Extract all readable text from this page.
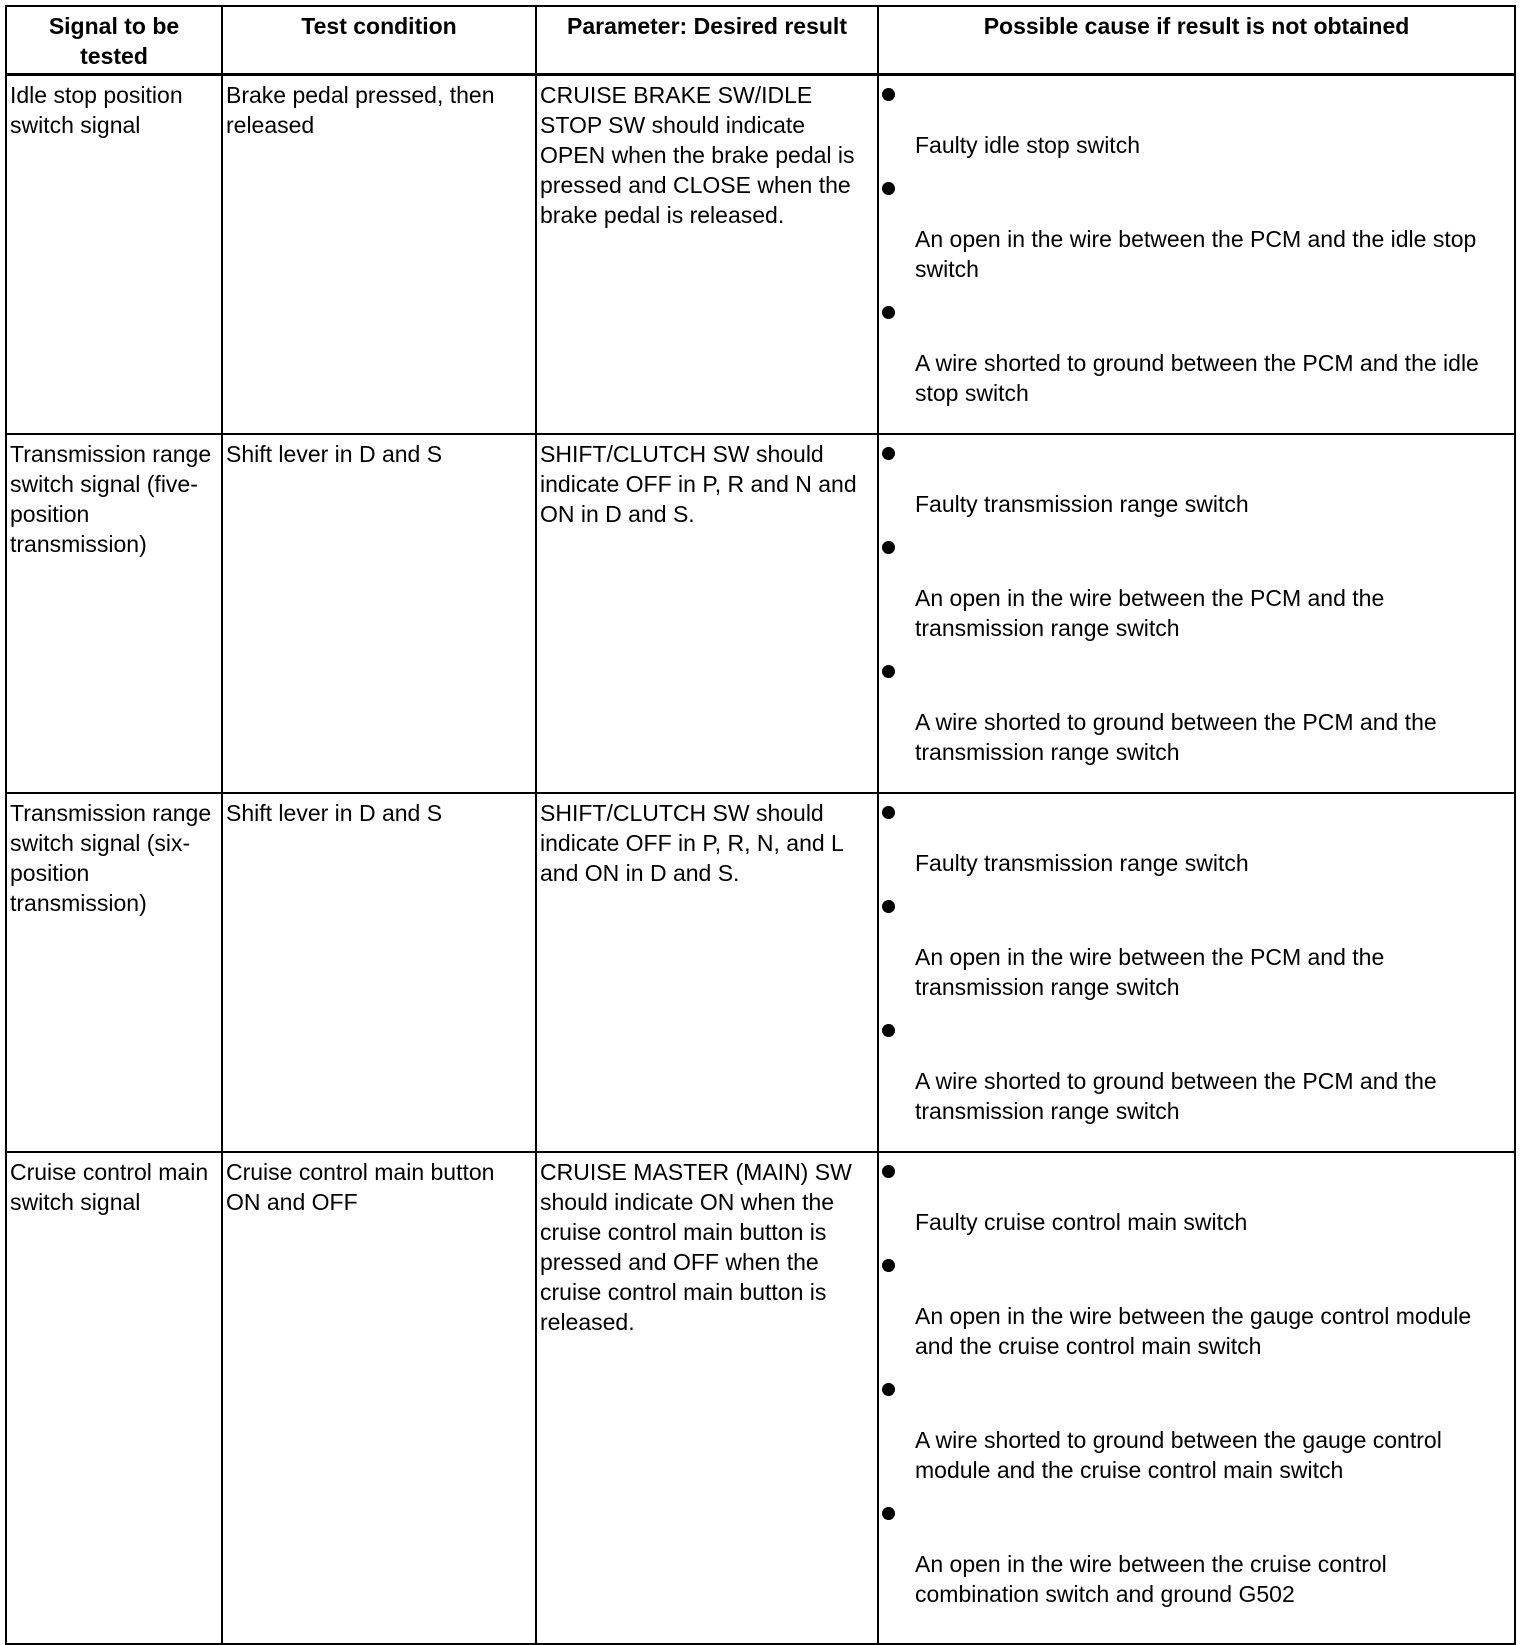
Signal to be tested	Test condition	Parameter: Desired result	Possible cause if result is not obtained

Idle stop position switch signal	Brake pedal pressed, then released	CRUISE BRAKE SW/IDLE STOP SW should indicate OPEN when the brake pedal is pressed and CLOSE when the brake pedal is released.	Faulty idle stop switch
An open in the wire between the PCM and the idle stop switch
A wire shorted to ground between the PCM and the idle stop switch

Transmission range switch signal (five-position transmission)	Shift lever in D and S	SHIFT/CLUTCH SW should indicate OFF in P, R and N and ON in D and S.	Faulty transmission range switch
An open in the wire between the PCM and the transmission range switch
A wire shorted to ground between the PCM and the transmission range switch

Transmission range switch signal (six-position transmission)	Shift lever in D and S	SHIFT/CLUTCH SW should indicate OFF in P, R, N, and L and ON in D and S.	Faulty transmission range switch
An open in the wire between the PCM and the transmission range switch
A wire shorted to ground between the PCM and the transmission range switch

Cruise control main switch signal	Cruise control main button ON and OFF	CRUISE MASTER (MAIN) SW should indicate ON when the cruise control main button is pressed and OFF when the cruise control main button is released.	Faulty cruise control main switch
An open in the wire between the gauge control module and the cruise control main switch
A wire shorted to ground between the gauge control module and the cruise control main switch
An open in the wire between the cruise control combination switch and ground G502
